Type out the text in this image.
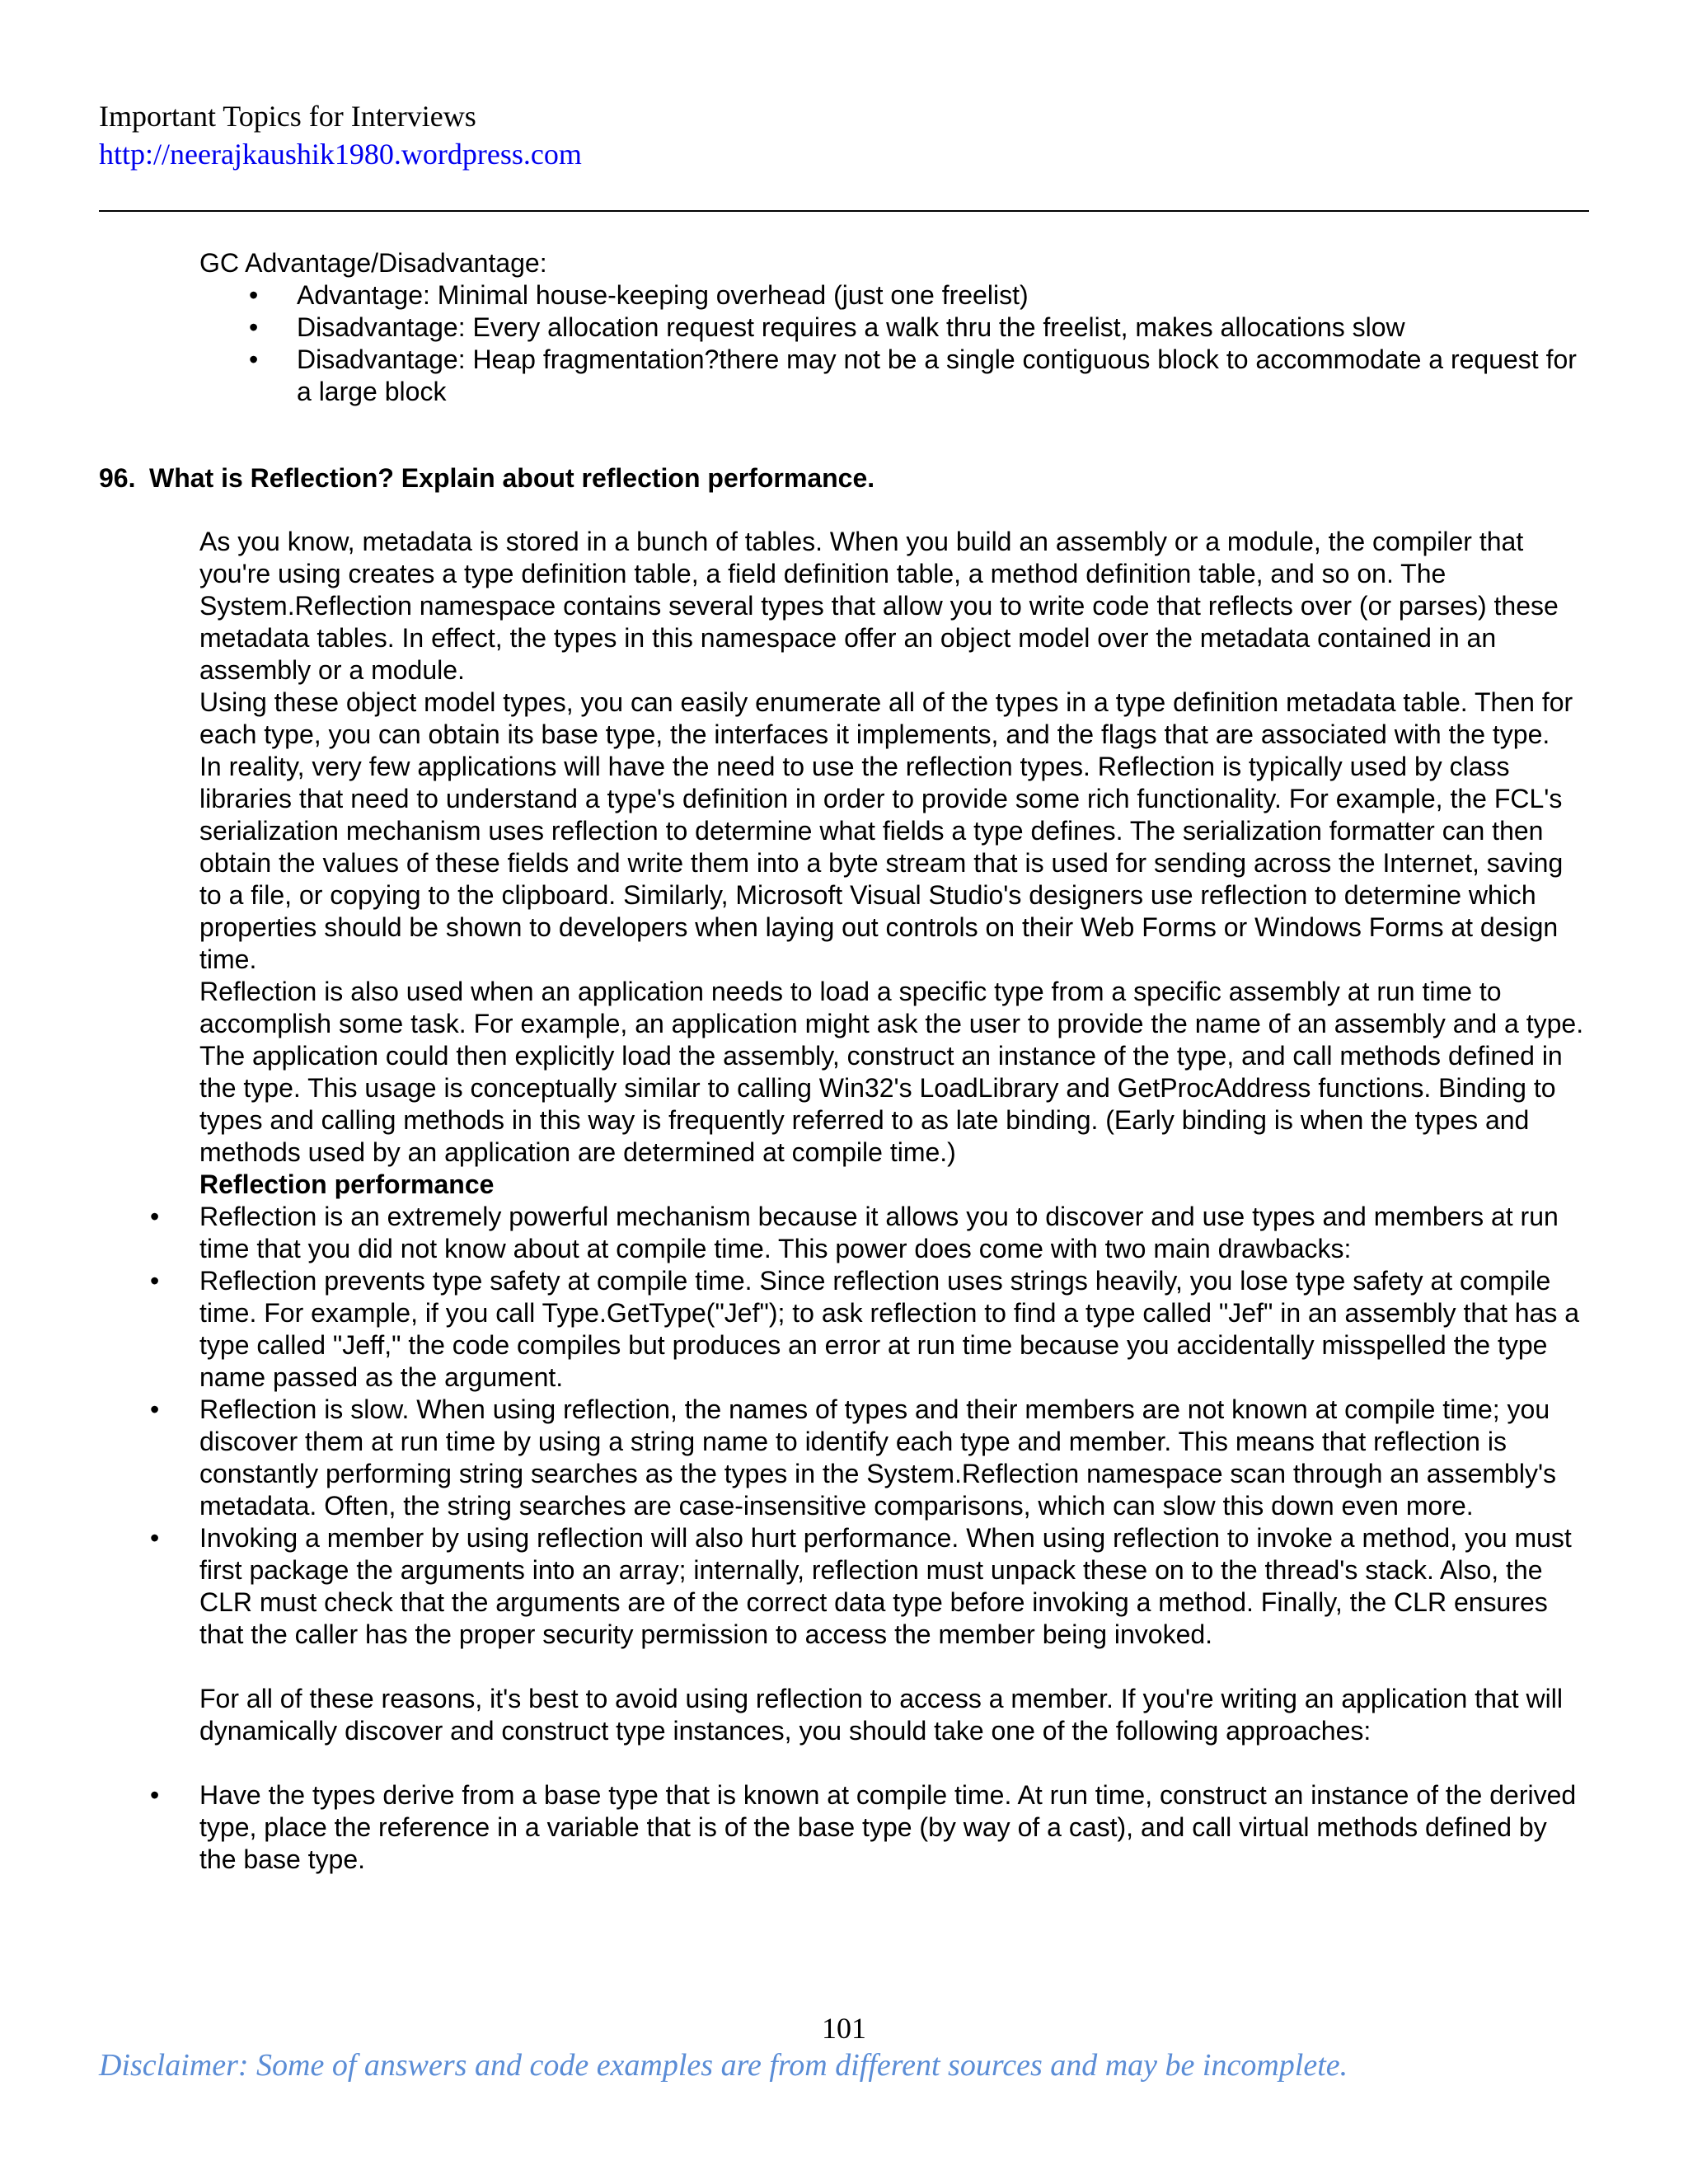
Important Topics for Interviews
http://neerajkaushik1980.wordpress.com
GC Advantage/Disadvantage:
• Advantage: Minimal house-keeping overhead (just one freelist)
• Disadvantage: Every allocation request requires a walk thru the freelist, makes allocations slow
• Disadvantage: Heap fragmentation?there may not be a single contiguous block to accommodate a request for a large block
96. What is Reflection? Explain about reflection performance.
As you know, metadata is stored in a bunch of tables. When you build an assembly or a module, the compiler that you're using creates a type definition table, a field definition table, a method definition table, and so on. The System.Reflection namespace contains several types that allow you to write code that reflects over (or parses) these metadata tables. In effect, the types in this namespace offer an object model over the metadata contained in an assembly or a module.
Using these object model types, you can easily enumerate all of the types in a type definition metadata table. Then for each type, you can obtain its base type, the interfaces it implements, and the flags that are associated with the type.
In reality, very few applications will have the need to use the reflection types. Reflection is typically used by class libraries that need to understand a type's definition in order to provide some rich functionality. For example, the FCL's serialization mechanism uses reflection to determine what fields a type defines. The serialization formatter can then obtain the values of these fields and write them into a byte stream that is used for sending across the Internet, saving to a file, or copying to the clipboard. Similarly, Microsoft Visual Studio's designers use reflection to determine which properties should be shown to developers when laying out controls on their Web Forms or Windows Forms at design time.
Reflection is also used when an application needs to load a specific type from a specific assembly at run time to accomplish some task. For example, an application might ask the user to provide the name of an assembly and a type. The application could then explicitly load the assembly, construct an instance of the type, and call methods defined in the type. This usage is conceptually similar to calling Win32's LoadLibrary and GetProcAddress functions. Binding to types and calling methods in this way is frequently referred to as late binding. (Early binding is when the types and methods used by an application are determined at compile time.)
Reflection performance
• Reflection is an extremely powerful mechanism because it allows you to discover and use types and members at run time that you did not know about at compile time. This power does come with two main drawbacks:
• Reflection prevents type safety at compile time. Since reflection uses strings heavily, you lose type safety at compile time. For example, if you call Type.GetType("Jef"); to ask reflection to find a type called "Jef" in an assembly that has a type called "Jeff," the code compiles but produces an error at run time because you accidentally misspelled the type name passed as the argument.
• Reflection is slow. When using reflection, the names of types and their members are not known at compile time; you discover them at run time by using a string name to identify each type and member. This means that reflection is constantly performing string searches as the types in the System.Reflection namespace scan through an assembly's metadata. Often, the string searches are case-insensitive comparisons, which can slow this down even more.
• Invoking a member by using reflection will also hurt performance. When using reflection to invoke a method, you must first package the arguments into an array; internally, reflection must unpack these on to the thread's stack. Also, the CLR must check that the arguments are of the correct data type before invoking a method. Finally, the CLR ensures that the caller has the proper security permission to access the member being invoked.
For all of these reasons, it's best to avoid using reflection to access a member. If you're writing an application that will dynamically discover and construct type instances, you should take one of the following approaches:
• Have the types derive from a base type that is known at compile time. At run time, construct an instance of the derived type, place the reference in a variable that is of the base type (by way of a cast), and call virtual methods defined by the base type.
101
Disclaimer: Some of answers and code examples are from different sources and may be incomplete.
